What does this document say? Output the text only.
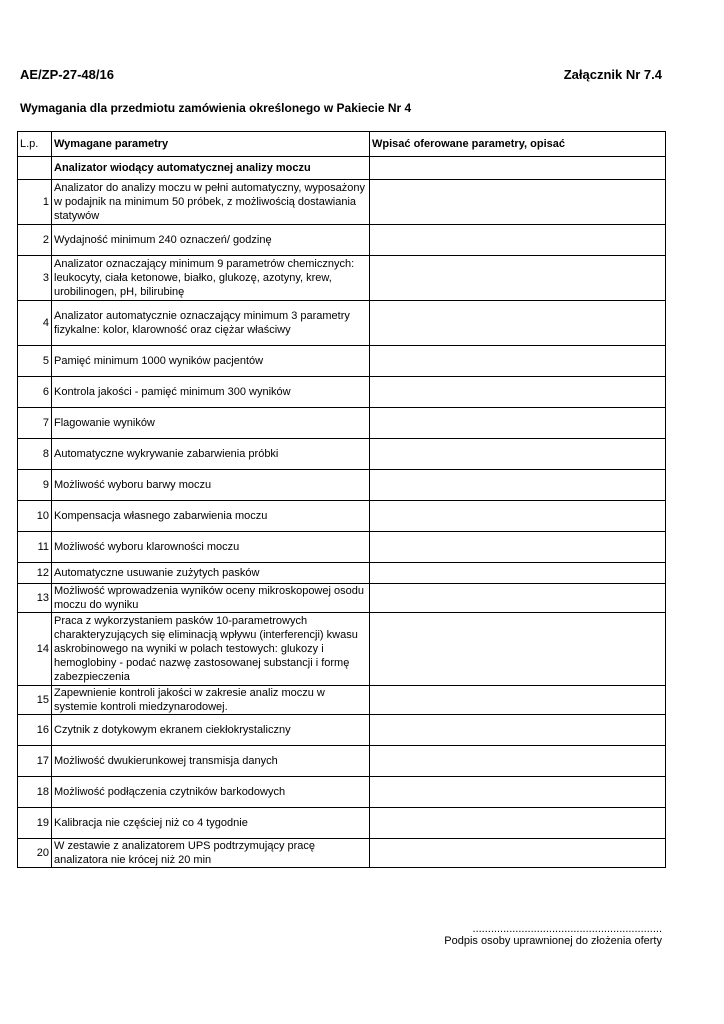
AE/ZP-27-48/16	Załącznik Nr 7.4
Wymagania dla przedmiotu zamówienia określonego w Pakiecie Nr 4
L.p.	Wymagane parametry	Wpisać oferowane parametry, opisać
	Analizator wiodący automatycznej analizy moczu	
1	Analizator do analizy moczu w pełni automatyczny, wyposażony w podajnik na minimum 50 próbek, z możliwością dostawiania statywów	
2	Wydajność minimum 240 oznaczeń/ godzinę	
3	Analizator oznaczający minimum 9 parametrów chemicznych: leukocyty, ciała ketonowe, białko, glukozę, azotyny, krew, urobilinogen, pH, bilirubinę	
4	Analizator automatycznie oznaczający minimum 3 parametry fizykalne: kolor, klarowność oraz ciężar właściwy	
5	Pamięć minimum 1000 wyników pacjentów	
6	Kontrola jakości - pamięć minimum 300 wyników	
7	Flagowanie wyników	
8	Automatyczne wykrywanie zabarwienia próbki	
9	Możliwość wyboru barwy moczu	
10	Kompensacja własnego zabarwienia moczu	
11	Możliwość wyboru klarowności moczu	
12	Automatyczne usuwanie zużytych pasków	
13	Możliwość wprowadzenia wyników oceny mikroskopowej osodu moczu do wyniku	
14	Praca z wykorzystaniem pasków 10-parametrowych charakteryzujących się eliminacją wpływu (interferencji) kwasu askrobinowego na wyniki w polach testowych: glukozy i hemoglobiny - podać nazwę zastosowanej substancji i formę zabezpieczenia	
15	Zapewnienie kontroli jakości w zakresie analiz moczu w systemie kontroli miedzynarodowej.	
16	Czytnik z dotykowym ekranem ciekłokrystaliczny	
17	Możliwość dwukierunkowej transmisja danych	
18	Możliwość podłączenia czytników barkodowych	
19	Kalibracja nie częściej niż co 4 tygodnie	
20	W zestawie z analizatorem UPS podtrzymujący pracę analizatora nie krócej niż 20 min	
..............................................................
Podpis osoby uprawnionej do złożenia oferty
